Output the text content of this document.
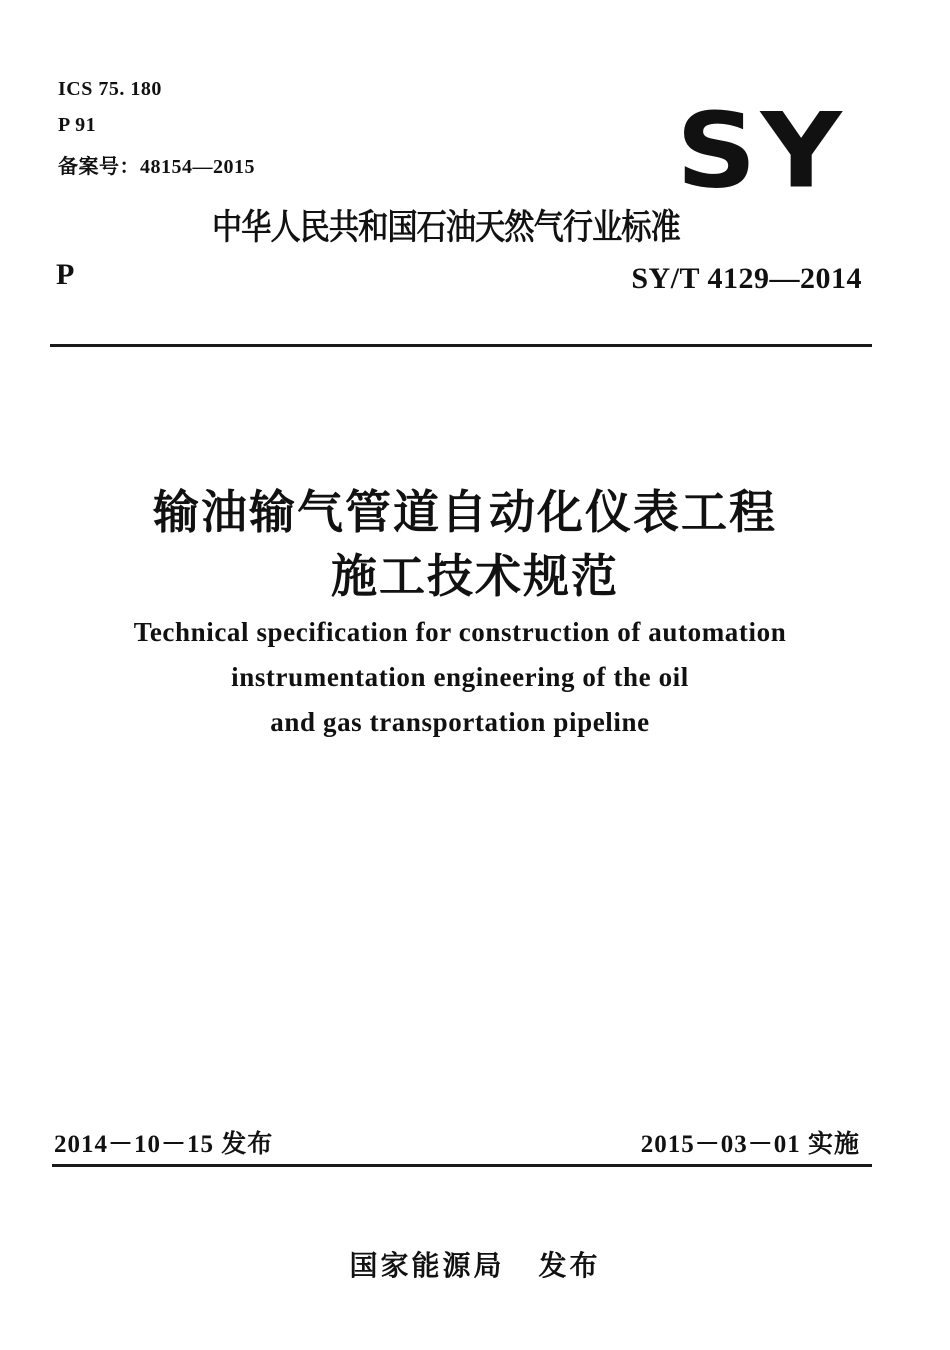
ICS 75. 180
P 91
备案号：48154—2015	SY
中华人民共和国石油天然气行业标准
P	SY/T 4129—2014
输油输气管道自动化仪表工程
施工技术规范
Technical specification for construction of automation
instrumentation engineering of the oil
and gas transportation pipeline
2014－10－15 发布	2015－03－01 实施
国家能源局 发布
